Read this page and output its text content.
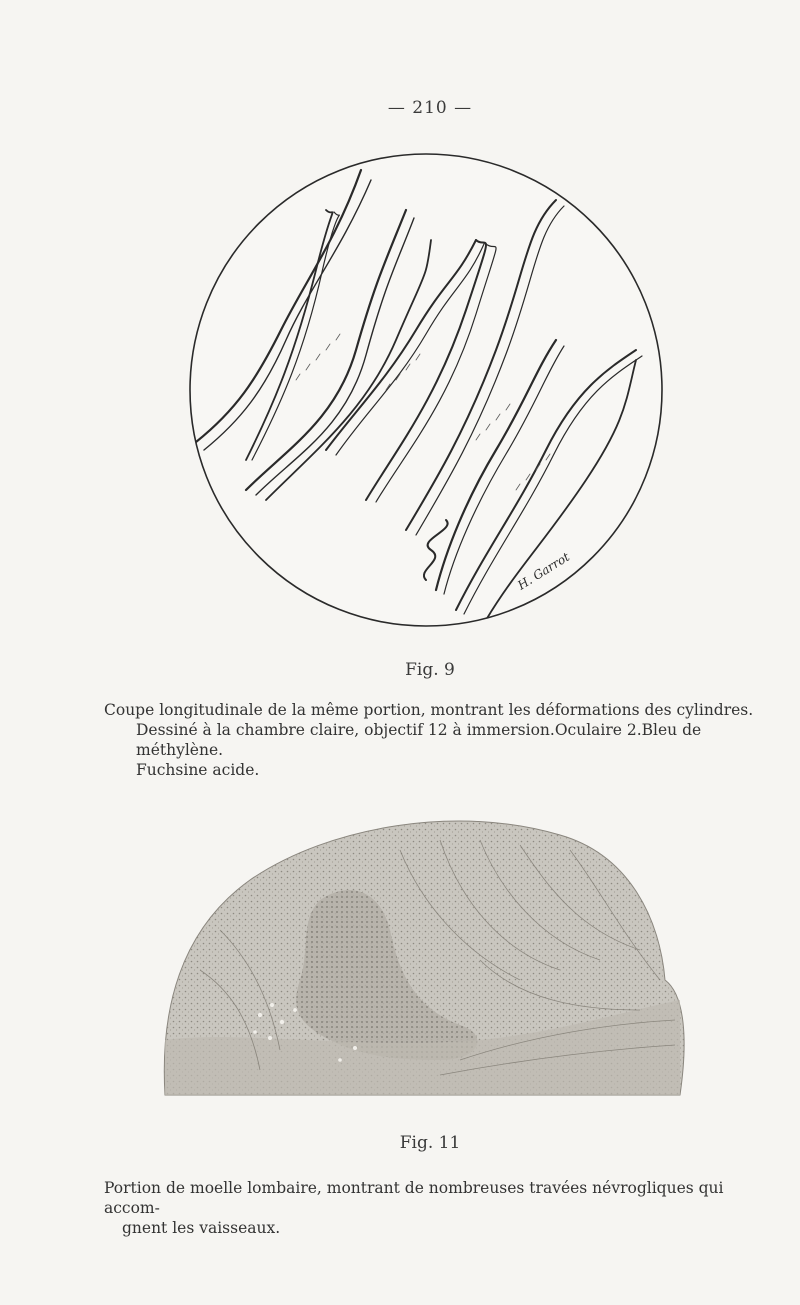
— 210 —
H. Garrot
Fig. 9
Coupe longitudinale de la même portion, montrant les déformations des cylindres.
Dessiné à la chambre claire, objectif 12 à immersion.Oculaire 2.Bleu de méthylène.
Fuchsine acide.
Fig. 11
Portion de moelle lombaire, montrant de nombreuses travées névrogliques qui accom-
gnent les vaisseaux.
